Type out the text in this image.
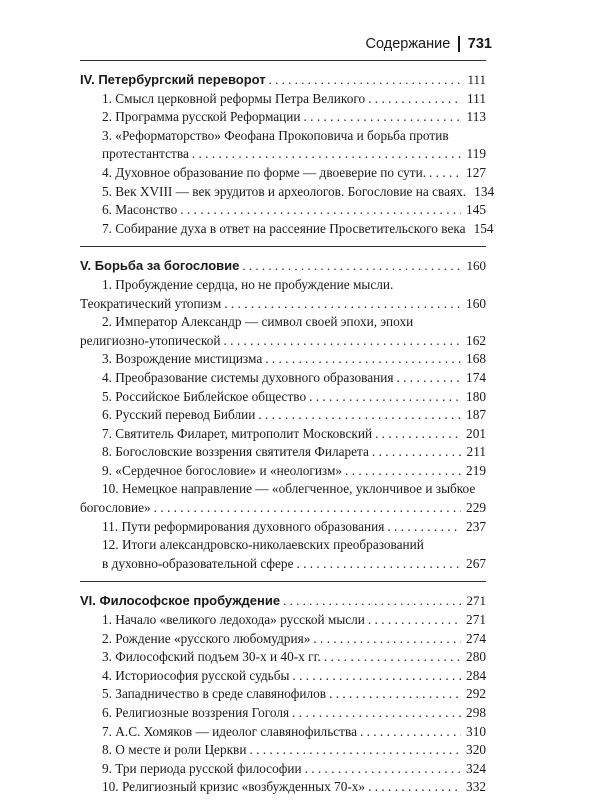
Содержание 731
IV. Петербургский переворот . . .	111
1. Смысл церковной реформы Петра Великого . . .	111
2. Программа русской Реформации . . .	113
3. «Реформаторство» Феофана Прокоповича и борьба против
протестантства . . .	119
4. Духовное образование по форме — двоеверие по сути. . . .	127
5. Век XVIII — век эрудитов и археологов. Богословие на сваях. 134
6. Масонство . . .	145
7. Собирание духа в ответ на рассеяние Просветительского века 154
V. Борьба за богословие . . .	160
1. Пробуждение сердца, но не пробуждение мысли.
Теократический утопизм . . .	160
2. Император Александр — символ своей эпохи, эпохи
религиозно-утопической . . .	162
3. Возрождение мистицизма . . .	168
4. Преобразование системы духовного образования . . .	174
5. Российское Библейское общество . . .	180
6. Русский перевод Библии . . .	187
7. Святитель Филарет, митрополит Московский . . .	201
8. Богословские воззрения святителя Филарета . . .	211
9. «Сердечное богословие» и «неологизм» . . .	219
10. Немецкое направление — «облегченное, уклончивое и зыбкое
богословие» . . .	229
11. Пути реформирования духовного образования . . .	237
12. Итоги александровско-николаевских преобразований
в духовно-образовательной сфере . . .	267
VI. Философское пробуждение . . .	271
1. Начало «великого ледохода» русской мысли . . .	271
2. Рождение «русского любомудрия» . . .	274
3. Философский подъем 30-х и 40-х гг. . . .	280
4. Историософия русской судьбы . . .	284
5. Западничество в среде славянофилов . . .	292
6. Религиозные воззрения Гоголя . . .	298
7. А.С. Хомяков — идеолог славянофильства . . .	310
8. О месте и роли Церкви . . .	320
9. Три периода русской философии . . .	324
10. Религиозный кризис «возбужденных 70-х» . . .	332
